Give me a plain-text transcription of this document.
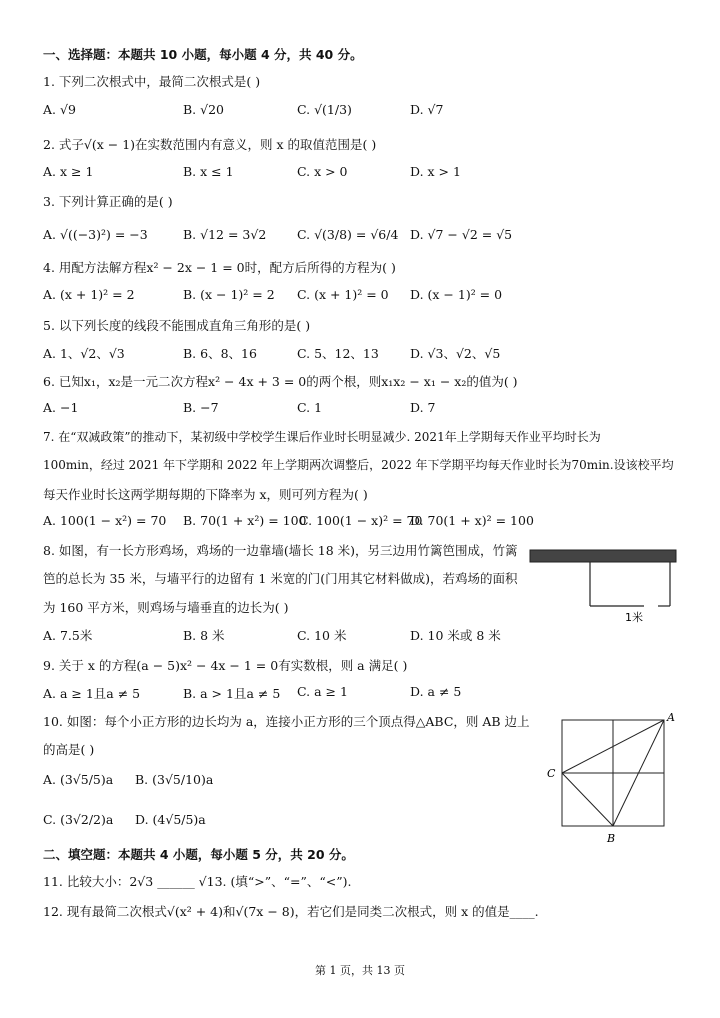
一、选择题：本题共 10 小题，每小题 4 分，共 40 分。
1. 下列二次根式中，最简二次根式是( )
A. √9	B. √20	C. √(1/3)	D. √7
2. 式子√(x − 1)在实数范围内有意义，则 x 的取值范围是( )
A. x ≥ 1	B. x ≤ 1	C. x > 0	D. x > 1
3. 下列计算正确的是( )
A. √((−3)²) = −3	B. √12 = 3√2 C. √(3/8) = √6/4 D. √7 − √2 = √5
4. 用配方法解方程x² − 2x − 1 = 0时，配方后所得的方程为( )
A. (x + 1)² = 2	B. (x − 1)² = 2 C. (x + 1)² = 0 D. (x − 1)² = 0
5. 以下列长度的线段不能围成直角三角形的是( )
A. 1、√2、√3	B. 6、8、16	C. 5、12、13 D. √3、√2、√5
6. 已知x₁，x₂是一元二次方程x² − 4x + 3 = 0的两个根，则x₁x₂ − x₁ − x₂的值为( )
A. −1	B. −7	C. 1	D. 7
7. 在“双减政策”的推动下，某初级中学校学生课后作业时长明显减少. 2021年上学期每天作业平均时长为
100min，经过 2021 年下学期和 2022 年上学期两次调整后，2022 年下学期平均每天作业时长为70min.设该校平均
每天作业时长这两学期每期的下降率为 x，则可列方程为( )
A. 100(1 − x²) = 70 B. 70(1 + x²) = 100
C. 100(1 − x)² = 70
D. 70(1 + x)² = 100
8. 如图，有一长方形鸡场，鸡场的一边靠墙(墙长 18 米)，另三边用竹篱笆围成，竹篱
笆的总长为 35 米，与墙平行的边留有 1 米宽的门(门用其它材料做成)，若鸡场的面积
为 160 平方米，则鸡场与墙垂直的边长为( )
A. 7.5米	B. 8 米	C. 10 米	D. 10 米或 8 米
1米
9. 关于 x 的方程(a − 5)x² − 4x − 1 = 0有实数根，则 a 满足( )
A. a ≥ 1且a ≠ 5	B. a > 1且a ≠ 5 C. a ≥ 1	D. a ≠ 5
10. 如图：每个小正方形的边长均为 a，连接小正方形的三个顶点得△ABC，则 AB 边上
的高是( )
A. (3√5/5)a B. (3√5/10)a
C. (3√2/2)a D. (4√5/5)a
A
B
C
二、填空题：本题共 4 小题，每小题 5 分，共 20 分。
11. 比较大小：2√3 ______ √13. (填“>”、“=”、“<”).
12. 现有最简二次根式√(x² + 4)和√(7x − 8)，若它们是同类二次根式，则 x 的值是____.
第 1 页，共 13 页
